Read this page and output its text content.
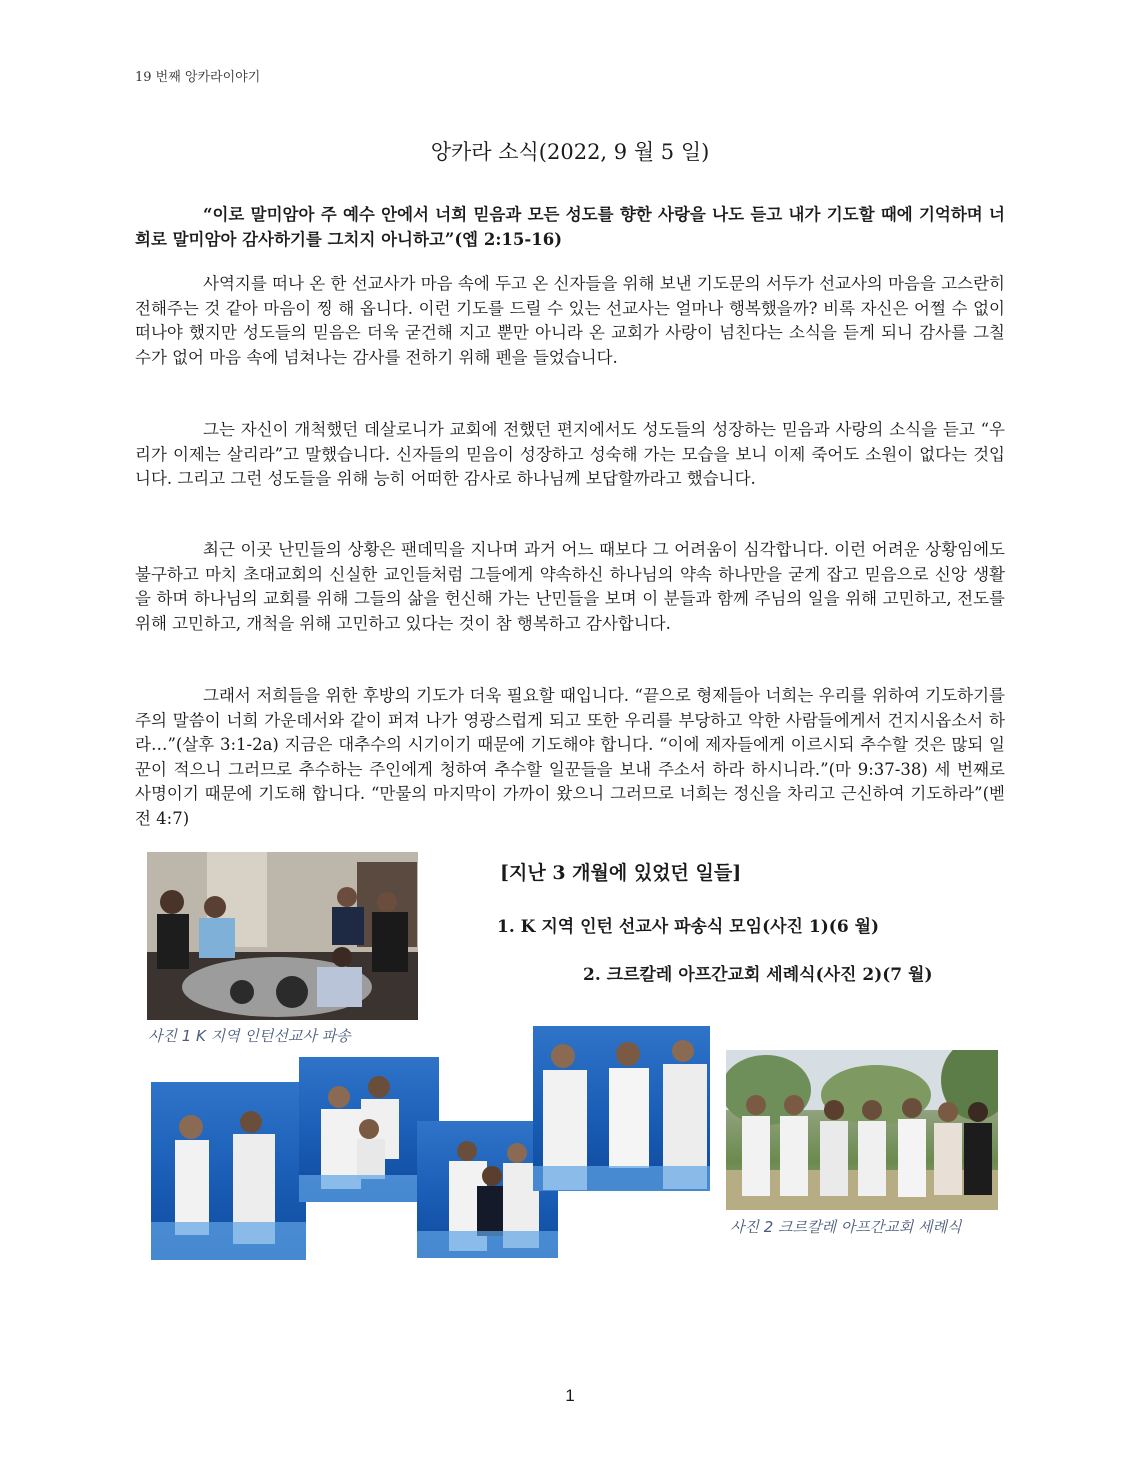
19 번째 앙카라이야기
앙카라 소식(2022, 9 월 5 일)
“이로 말미암아 주 예수 안에서 너희 믿음과 모든 성도를 향한 사랑을 나도 듣고 내가 기도할 때에 기억하며 너희로 말미암아 감사하기를 그치지 아니하고”(엡 2:15-16)

사역지를 떠나 온 한 선교사가 마음 속에 두고 온 신자들을 위해 보낸 기도문의 서두가 선교사의 마음을 고스란히 전해주는 것 같아 마음이 찡 해 옵니다. 이런 기도를 드릴 수 있는 선교사는 얼마나 행복했을까? 비록 자신은 어쩔 수 없이 떠나야 했지만 성도들의 믿음은 더욱 굳건해 지고 뿐만 아니라 온 교회가 사랑이 넘친다는 소식을 듣게 되니 감사를 그칠 수가 없어 마음 속에 넘쳐나는 감사를 전하기 위해 펜을 들었습니다.

그는 자신이 개척했던 데살로니가 교회에 전했던 편지에서도 성도들의 성장하는 믿음과 사랑의 소식을 듣고 “우리가 이제는 살리라”고 말했습니다. 신자들의 믿음이 성장하고 성숙해 가는 모습을 보니 이제 죽어도 소원이 없다는 것입니다. 그리고 그런 성도들을 위해 능히 어떠한 감사로 하나님께 보답할까라고 했습니다.

최근 이곳 난민들의 상황은 팬데믹을 지나며 과거 어느 때보다 그 어려움이 심각합니다. 이런 어려운 상황임에도 불구하고 마치 초대교회의 신실한 교인들처럼 그들에게 약속하신 하나님의 약속 하나만을 굳게 잡고 믿음으로 신앙 생활을 하며 하나님의 교회를 위해 그들의 삶을 헌신해 가는 난민들을 보며 이 분들과 함께 주님의 일을 위해 고민하고, 전도를 위해 고민하고, 개척을 위해 고민하고 있다는 것이 참 행복하고 감사합니다.

그래서 저희들을 위한 후방의 기도가 더욱 필요할 때입니다. “끝으로 형제들아 너희는 우리를 위하여 기도하기를 주의 말씀이 너희 가운데서와 같이 퍼져 나가 영광스럽게 되고 또한 우리를 부당하고 악한 사람들에게서 건지시옵소서 하라…”(살후 3:1-2a) 지금은 대추수의 시기이기 때문에 기도해야 합니다. “이에 제자들에게 이르시되 추수할 것은 많되 일꾼이 적으니 그러므로 추수하는 주인에게 청하여 추수할 일꾼들을 보내 주소서 하라 하시니라.”(마 9:37-38) 세 번째로 사명이기 때문에 기도해 합니다. “만물의 마지막이 가까이 왔으니 그러므로 너희는 정신을 차리고 근신하여 기도하라”(벧전 4:7)

사진 1 K 지역 인턴선교사 파송
[지난 3 개월에 있었던 일들]
1. K 지역 인턴 선교사 파송식 모임(사진 1)(6 월)
2. 크르칼레 아프간교회 세례식(사진 2)(7 월)
사진 2 크르칼레 아프간교회 세례식
1
